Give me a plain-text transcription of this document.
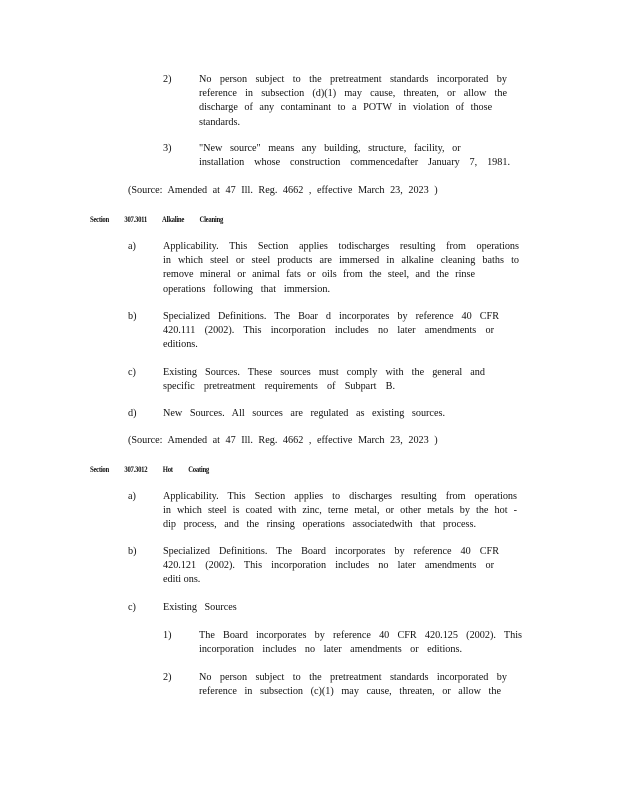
2)	No person subject to the pretreatment standards incorporated by
reference in subsection (d)(1) may cause, threaten, or allow the
discharge of any contaminant to a POTW in violation of those
standards.
3)	"New source" means any building, structure, facility, or
installation whose construction commencedafter January 7, 1981.
(Source: Amended at 47 Ill. Reg. 4662 , effective March 23, 2023 )
Section 307.3011 Alkaline Cleaning
a)	Applicability. This Section applies todischarges resulting from operations
in which steel or steel products are immersed in alkaline cleaning baths to
remove mineral or animal fats or oils from the steel, and the rinse
operations following that immersion.
b)	Specialized Definitions. The Boar d incorporates by reference 40 CFR
420.111 (2002). This incorporation includes no later amendments or
editions.
c)	Existing Sources. These sources must comply with the general and
specific pretreatment requirements of Subpart B.
d)	New Sources. All sources are regulated as existing sources.
(Source: Amended at 47 Ill. Reg. 4662 , effective March 23, 2023 )
Section 307.3012 Hot Coating
a)	Applicability. This Section applies to discharges resulting from operations
in which steel is coated with zinc, terne metal, or other metals by the hot -
dip process, and the rinsing operations associatedwith that process.
b)	Specialized Definitions. The Board incorporates by reference 40 CFR
420.121 (2002). This incorporation includes no later amendments or
editi ons.
c)	Existing Sources
1)	The Board incorporates by reference 40 CFR 420.125 (2002). This
incorporation includes no later amendments or editions.
2)	No person subject to the pretreatment standards incorporated by
reference in subsection (c)(1) may cause, threaten, or allow the
